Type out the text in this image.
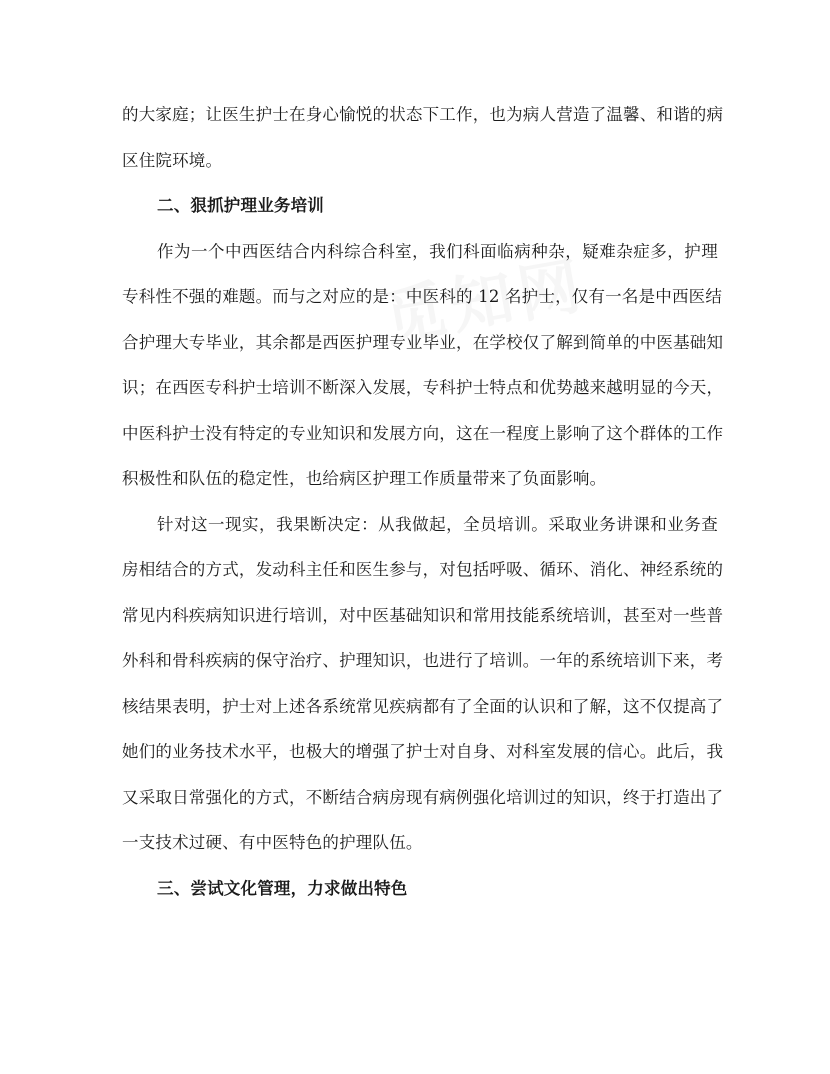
的大家庭；让医生护士在身心愉悦的状态下工作，也为病人营造了温馨、和谐的病
区住院环境。
二、狠抓护理业务培训
作为一个中西医结合内科综合科室，我们科面临病种杂，疑难杂症多，护理
专科性不强的难题。而与之对应的是：中医科的 12 名护士，仅有一名是中西医结
合护理大专毕业，其余都是西医护理专业毕业，在学校仅了解到简单的中医基础知
识；在西医专科护士培训不断深入发展，专科护士特点和优势越来越明显的今天，
中医科护士没有特定的专业知识和发展方向，这在一程度上影响了这个群体的工作
积极性和队伍的稳定性，也给病区护理工作质量带来了负面影响。
针对这一现实，我果断决定：从我做起，全员培训。采取业务讲课和业务查
房相结合的方式，发动科主任和医生参与，对包括呼吸、循环、消化、神经系统的
常见内科疾病知识进行培训，对中医基础知识和常用技能系统培训，甚至对一些普
外科和骨科疾病的保守治疗、护理知识，也进行了培训。一年的系统培训下来，考
核结果表明，护士对上述各系统常见疾病都有了全面的认识和了解，这不仅提高了
她们的业务技术水平，也极大的增强了护士对自身、对科室发展的信心。此后，我
又采取日常强化的方式，不断结合病房现有病例强化培训过的知识，终于打造出了
一支技术过硬、有中医特色的护理队伍。
三、尝试文化管理，力求做出特色
